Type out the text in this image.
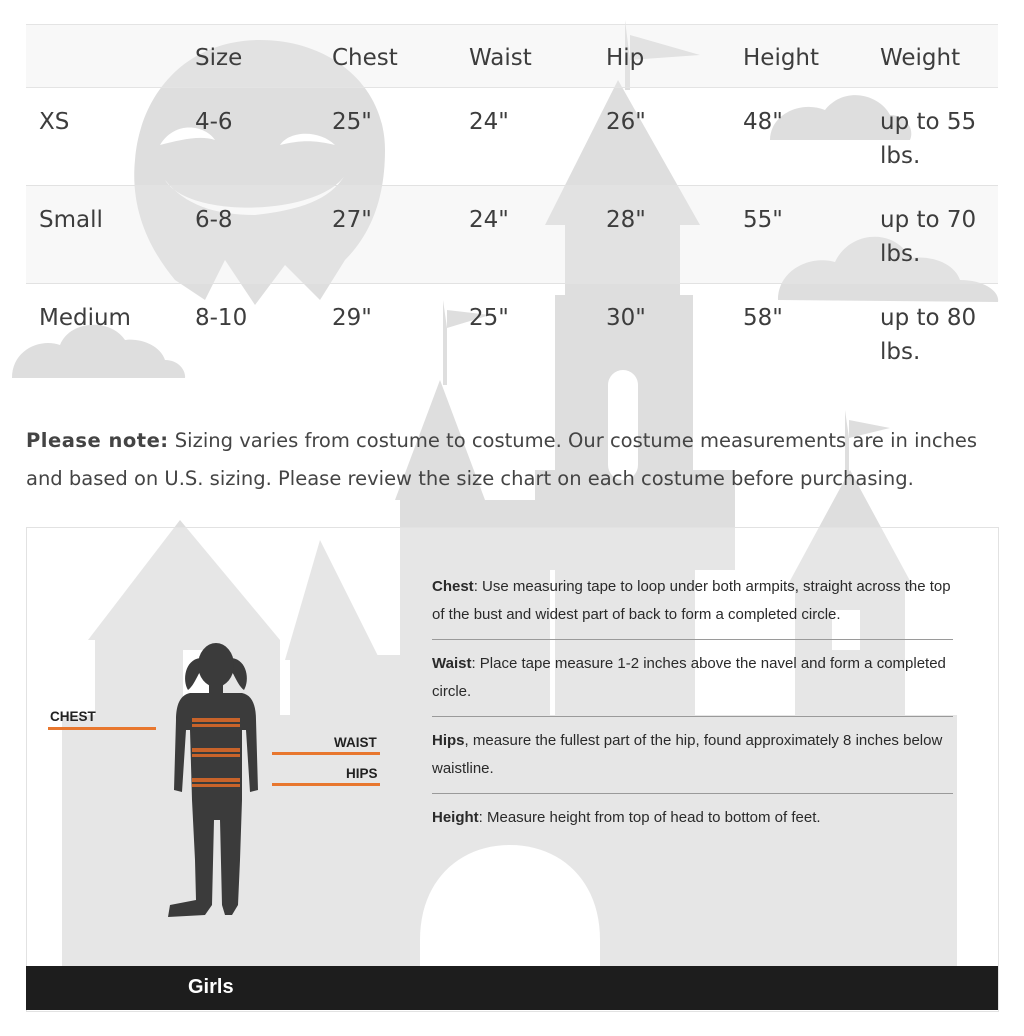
	Size	Chest	Waist	Hip	Height	Weight
XS	4-6	25"	24"	26"	48"	up to 55 lbs.
Small	6-8	27"	24"	28"	55"	up to 70 lbs.
Medium	8-10	29"	25"	30"	58"	up to 80 lbs.

Please note: Sizing varies from costume to costume. Our costume measurements are in inches and based on U.S. sizing. Please review the size chart on each costume before purchasing.

CHEST
WAIST
HIPS
Chest: Use measuring tape to loop under both armpits, straight across the top of the bust and widest part of back to form a completed circle.
Waist: Place tape measure 1-2 inches above the navel and form a completed circle.
Hips, measure the fullest part of the hip, found approximately 8 inches below waistline.
Height: Measure height from top of head to bottom of feet.
Girls
